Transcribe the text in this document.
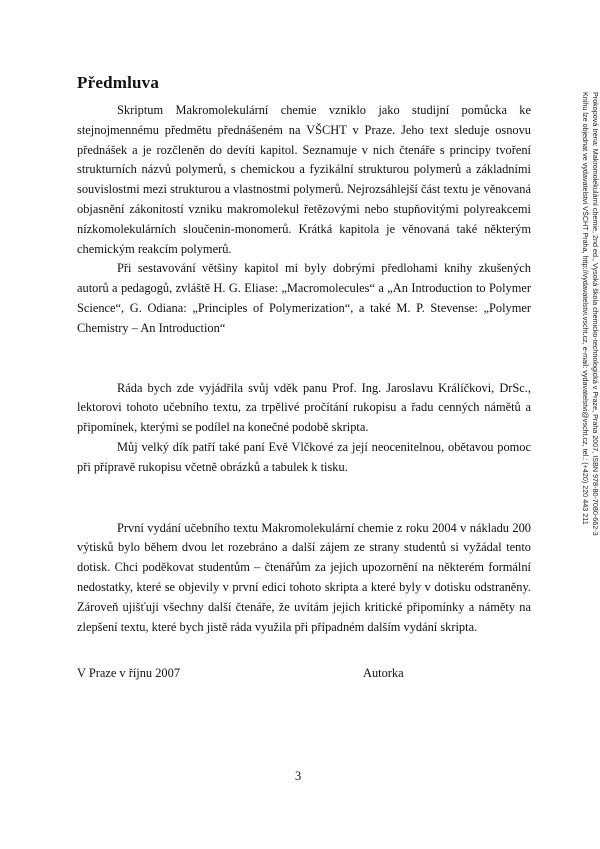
Předmluva

Skriptum Makromolekulární chemie vzniklo jako studijní pomůcka ke stejnojmennému předmětu přednášeném na VŠCHT v Praze. Jeho text sleduje osnovu přednášek a je rozčleněn do devíti kapitol. Seznamuje v nich čtenáře s principy tvoření strukturních názvů polymerů, s chemickou a fyzikální strukturou polymerů a základními souvislostmi mezi strukturou a vlastnostmi polymerů. Nejrozsáhlejší část textu je věnovaná objasnění zákonitostí vzniku makromolekul řetězovými nebo stupňovitými polyreakcemi nízkomolekulárních sloučenin-monomerů. Krátká kapitola je věnovaná také některým chemickým reakcím polymerů.

Při sestavování většiny kapitol mi byly dobrými předlohami knihy zkušených autorů a pedagogů, zvláště H. G. Eliase: „Macromolecules“ a „An Introduction to Polymer Science“, G. Odiana: „Principles of Polymerization“, a také M. P. Stevense: „Polymer Chemistry – An Introduction“

Ráda bych zde vyjádřila svůj vděk panu Prof. Ing. Jaroslavu Králíčkovi, DrSc., lektorovi tohoto učebního textu, za trpělivé pročítání rukopisu a řadu cenných námětů a připomínek, kterými se podílel na konečné podobě skripta.

Můj velký dík patří také paní Evě Vlčkové za její neocenitelnou, obětavou pomoc při přípravě rukopisu včetně obrázků a tabulek k tisku.

První vydání učebního textu Makromolekulární chemie z roku 2004 v nákladu 200 výtisků bylo během dvou let rozebráno a další zájem ze strany studentů si vyžádal tento dotisk. Chci poděkovat studentům – čtenářům za jejich upozornění na některém formální nedostatky, které se objevily v první edici tohoto skripta a které byly v dotisku odstraněny. Zároveň ujišťuji všechny další čtenáře, že uvítám jejich kritické připomínky a náměty na zlepšení textu, které bych jistě ráda využila při případném dalším vydání skripta.

V Praze v říjnu 2007	Autorka
3
Prokopová Irena: Makromolekulární chemie, 2nd ed., Vysoká škola chemicko-technologická v Praze, Praha 2007, ISBN 978-80-7080-662-3
Knihu lze objednat ve vydavatelství VŠCHT Praha, http://vydavatelstvi.vscht.cz, e-mail: vydavatelstvi@vscht.cz, tel.: (+420) 220 443 211
